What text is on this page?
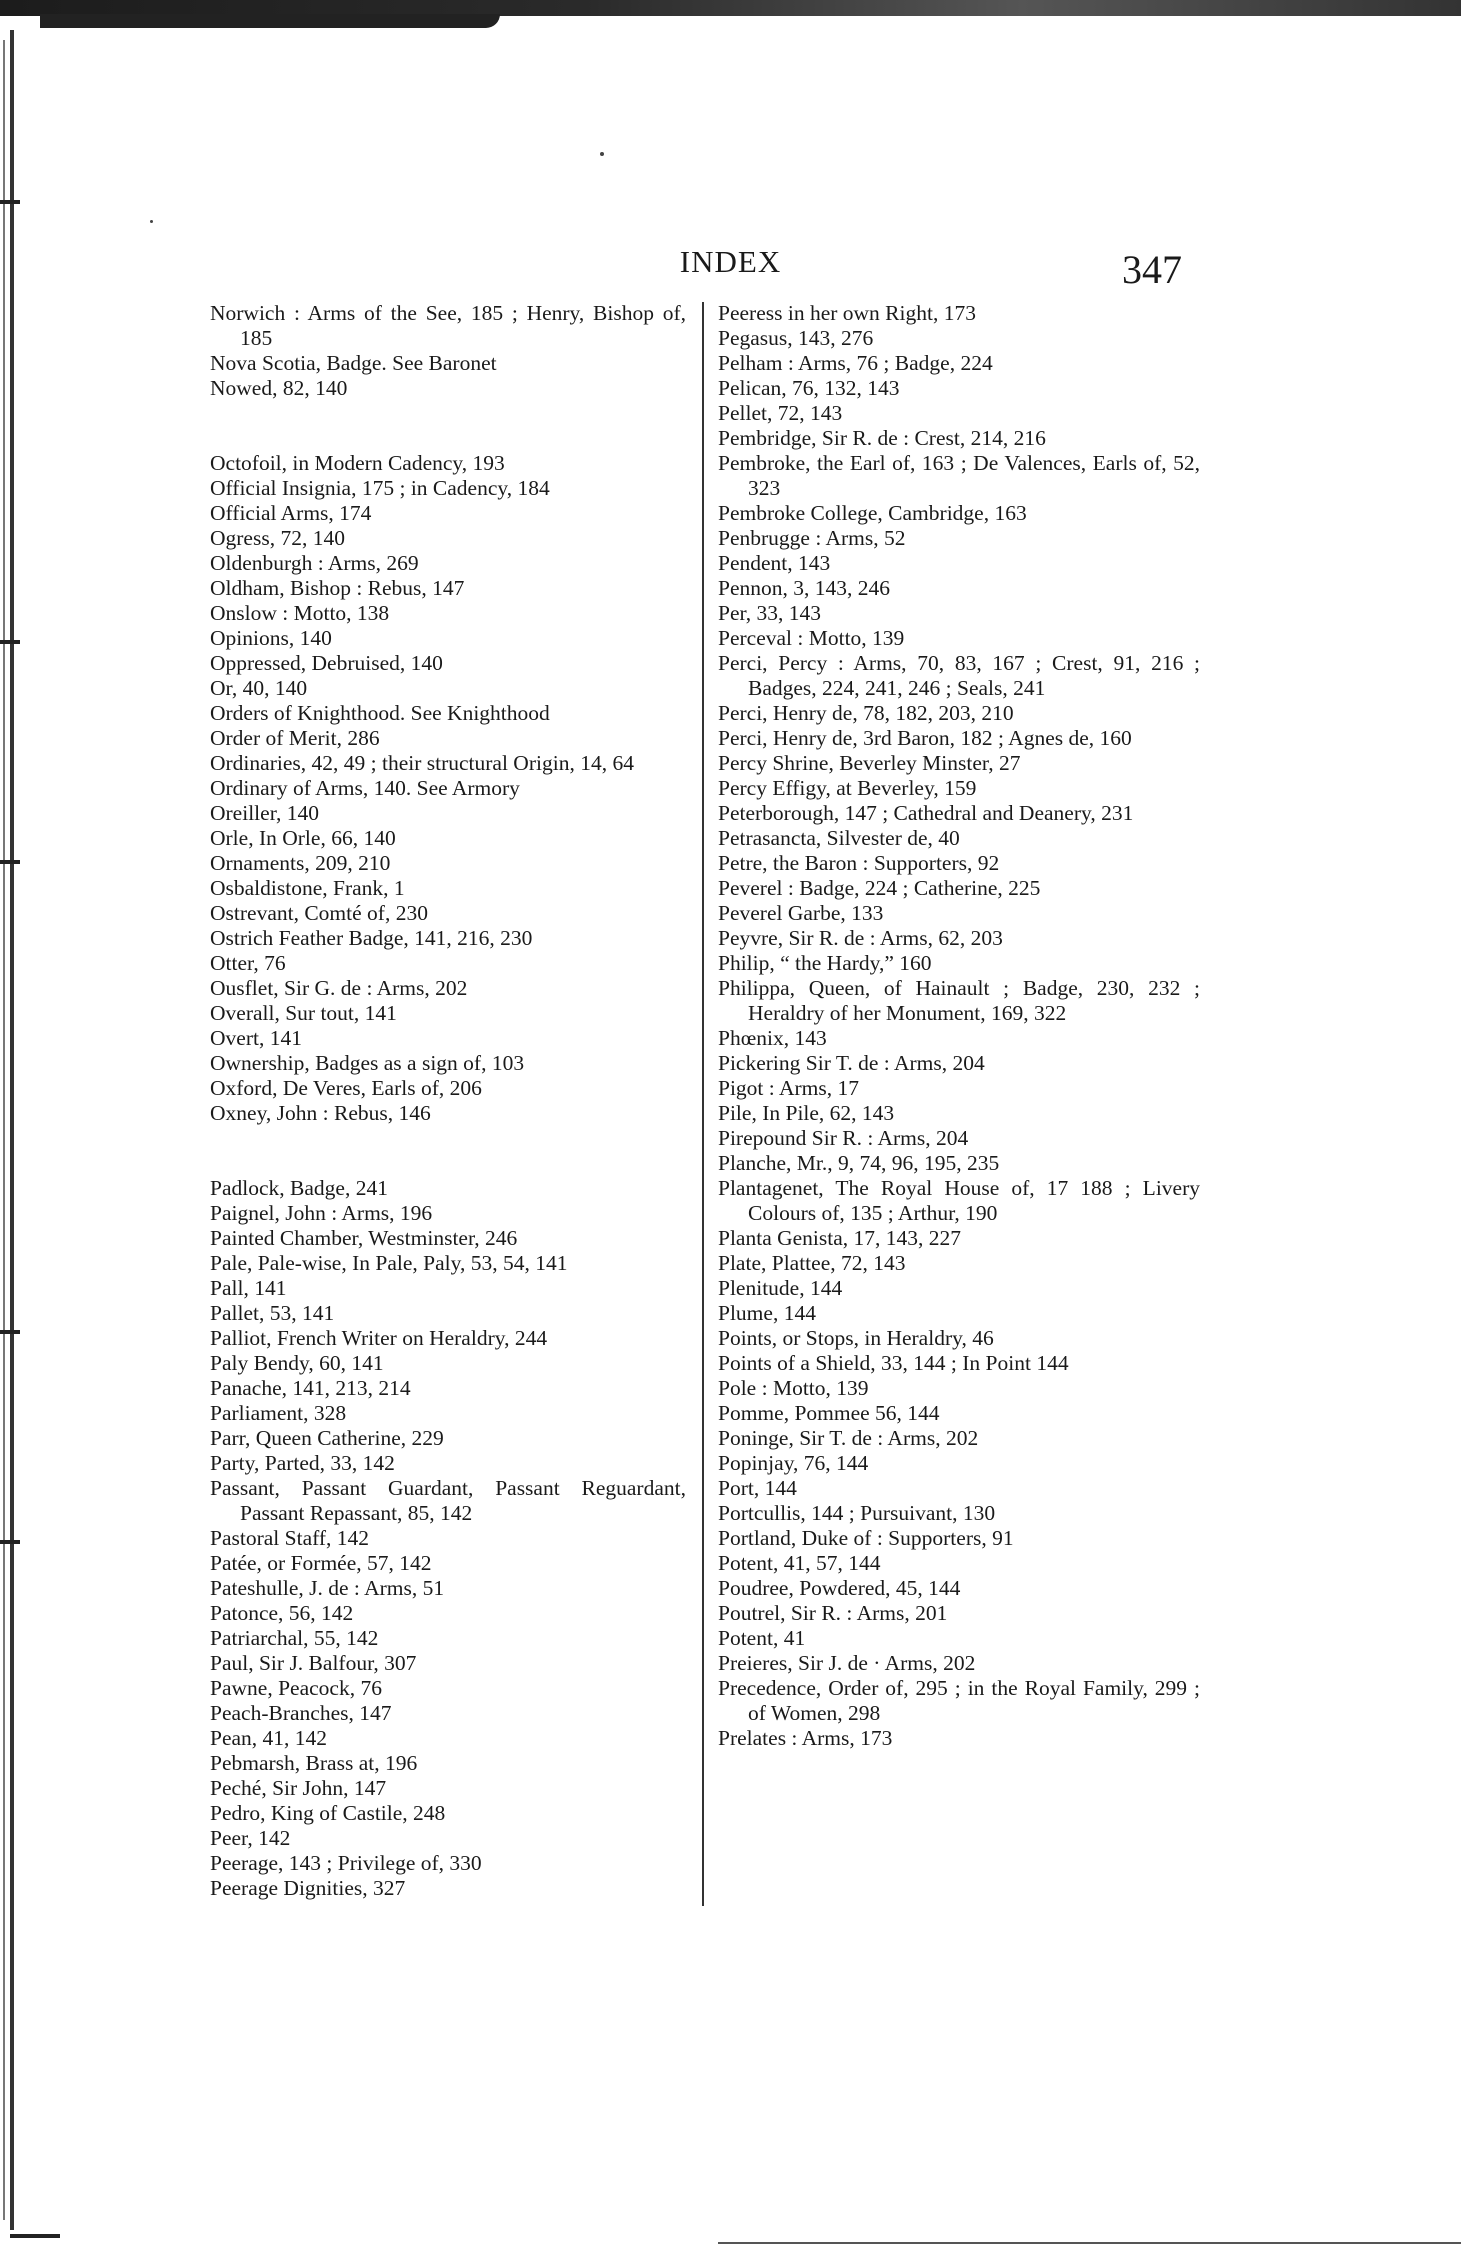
INDEX	347
Norwich : Arms of the See, 185 ; Henry, Bishop of, 185
Nova Scotia, Badge. See Baronet
Nowed, 82, 140
Octofoil, in Modern Cadency, 193
Official Insignia, 175 ; in Cadency, 184
Official Arms, 174
Ogress, 72, 140
Oldenburgh : Arms, 269
Oldham, Bishop : Rebus, 147
Onslow : Motto, 138
Opinions, 140
Oppressed, Debruised, 140
Or, 40, 140
Orders of Knighthood. See Knighthood
Order of Merit, 286
Ordinaries, 42, 49 ; their structural Origin, 14, 64
Ordinary of Arms, 140. See Armory
Oreiller, 140
Orle, In Orle, 66, 140
Ornaments, 209, 210
Osbaldistone, Frank, 1
Ostrevant, Comté of, 230
Ostrich Feather Badge, 141, 216, 230
Otter, 76
Ousflet, Sir G. de : Arms, 202
Overall, Sur tout, 141
Overt, 141
Ownership, Badges as a sign of, 103
Oxford, De Veres, Earls of, 206
Oxney, John : Rebus, 146
Padlock, Badge, 241
Paignel, John : Arms, 196
Painted Chamber, Westminster, 246
Pale, Pale-wise, In Pale, Paly, 53, 54, 141
Pall, 141
Pallet, 53, 141
Palliot, French Writer on Heraldry, 244
Paly Bendy, 60, 141
Panache, 141, 213, 214
Parliament, 328
Parr, Queen Catherine, 229
Party, Parted, 33, 142
Passant, Passant Guardant, Passant Reguardant, Passant Repassant, 85, 142
Pastoral Staff, 142
Patée, or Formée, 57, 142
Pateshulle, J. de : Arms, 51
Patonce, 56, 142
Patriarchal, 55, 142
Paul, Sir J. Balfour, 307
Pawne, Peacock, 76
Peach-Branches, 147
Pean, 41, 142
Pebmarsh, Brass at, 196
Peché, Sir John, 147
Pedro, King of Castile, 248
Peer, 142
Peerage, 143 ; Privilege of, 330
Peerage Dignities, 327
Peeress in her own Right, 173
Pegasus, 143, 276
Pelham : Arms, 76 ; Badge, 224
Pelican, 76, 132, 143
Pellet, 72, 143
Pembridge, Sir R. de : Crest, 214, 216
Pembroke, the Earl of, 163 ; De Valences, Earls of, 52, 323
Pembroke College, Cambridge, 163
Penbrugge : Arms, 52
Pendent, 143
Pennon, 3, 143, 246
Per, 33, 143
Perceval : Motto, 139
Perci, Percy : Arms, 70, 83, 167 ; Crest, 91, 216 ; Badges, 224, 241, 246 ; Seals, 241
Perci, Henry de, 78, 182, 203, 210
Perci, Henry de, 3rd Baron, 182 ; Agnes de, 160
Percy Shrine, Beverley Minster, 27
Percy Effigy, at Beverley, 159
Peterborough, 147 ; Cathedral and Deanery, 231
Petrasancta, Silvester de, 40
Petre, the Baron : Supporters, 92
Peverel : Badge, 224 ; Catherine, 225
Peverel Garbe, 133
Peyvre, Sir R. de : Arms, 62, 203
Philip, “ the Hardy,” 160
Philippa, Queen, of Hainault ; Badge, 230, 232 ; Heraldry of her Monument, 169, 322
Phœnix, 143
Pickering Sir T. de : Arms, 204
Pigot : Arms, 17
Pile, In Pile, 62, 143
Pirepound Sir R. : Arms, 204
Planche, Mr., 9, 74, 96, 195, 235
Plantagenet, The Royal House of, 17 188 ; Livery Colours of, 135 ; Arthur, 190
Planta Genista, 17, 143, 227
Plate, Plattee, 72, 143
Plenitude, 144
Plume, 144
Points, or Stops, in Heraldry, 46
Points of a Shield, 33, 144 ; In Point 144
Pole : Motto, 139
Pomme, Pommee 56, 144
Poninge, Sir T. de : Arms, 202
Popinjay, 76, 144
Port, 144
Portcullis, 144 ; Pursuivant, 130
Portland, Duke of : Supporters, 91
Potent, 41, 57, 144
Poudree, Powdered, 45, 144
Poutrel, Sir R. : Arms, 201
Potent, 41
Preieres, Sir J. de · Arms, 202
Precedence, Order of, 295 ; in the Royal Family, 299 ; of Women, 298
Prelates : Arms, 173
